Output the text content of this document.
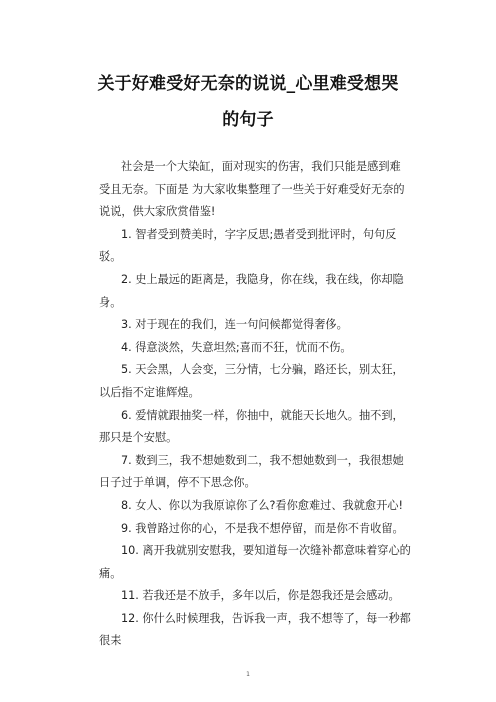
关于好难受好无奈的说说_心里难受想哭
的句子

社会是一个大染缸，面对现实的伤害，我们只能是感到难受且无奈。下面是 为大家收集整理了一些关于好难受好无奈的说说，供大家欣赏借鉴!

1. 智者受到赞美时，字字反思;愚者受到批评时，句句反驳。

2. 史上最远的距离是，我隐身，你在线，我在线，你却隐身。

3. 对于现在的我们，连一句问候都觉得奢侈。

4. 得意淡然，失意坦然;喜而不狂，忧而不伤。

5. 天会黑，人会变，三分情，七分骗，路还长，别太狂，以后指不定谁辉煌。

6. 爱情就跟抽奖一样，你抽中，就能天长地久。抽不到，那只是个安慰。

7. 数到三，我不想她数到二，我不想她数到一，我很想她日子过于单调，停不下思念你。

8. 女人、你以为我原谅你了么?看你愈难过、我就愈开心!

9. 我曾路过你的心，不是我不想停留，而是你不肯收留。

10. 离开我就别安慰我，要知道每一次缝补都意味着穿心的痛。

11. 若我还是不放手，多年以后，你是怨我还是会感动。

12. 你什么时候理我，告诉我一声，我不想等了，每一秒都很耒

1
